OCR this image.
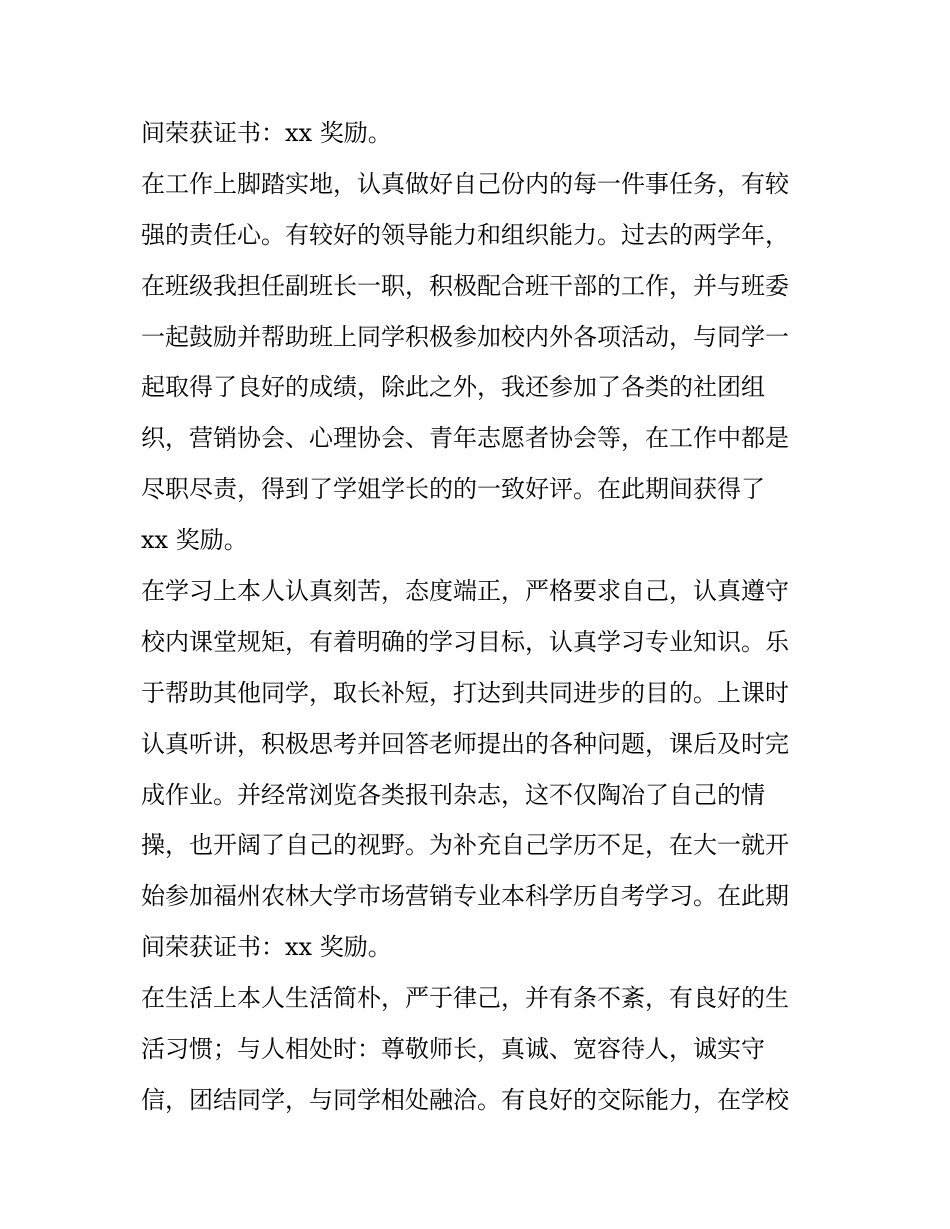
间荣获证书：xx 奖励。
在工作上脚踏实地，认真做好自己份内的每一件事任务，有较
强的责任心。有较好的领导能力和组织能力。过去的两学年，
在班级我担任副班长一职，积极配合班干部的工作，并与班委
一起鼓励并帮助班上同学积极参加校内外各项活动，与同学一
起取得了良好的成绩，除此之外，我还参加了各类的社团组
织，营销协会、心理协会、青年志愿者协会等，在工作中都是
尽职尽责，得到了学姐学长的的一致好评。在此期间获得了
xx 奖励。
在学习上本人认真刻苦，态度端正，严格要求自己，认真遵守
校内课堂规矩，有着明确的学习目标，认真学习专业知识。乐
于帮助其他同学，取长补短，打达到共同进步的目的。上课时
认真听讲，积极思考并回答老师提出的各种问题，课后及时完
成作业。并经常浏览各类报刊杂志，这不仅陶冶了自己的情
操，也开阔了自己的视野。为补充自己学历不足，在大一就开
始参加福州农林大学市场营销专业本科学历自考学习。在此期
间荣获证书：xx 奖励。
在生活上本人生活简朴，严于律己，并有条不紊，有良好的生
活习惯；与人相处时：尊敬师长，真诚、宽容待人，诚实守
信，团结同学，与同学相处融洽。有良好的交际能力，在学校
